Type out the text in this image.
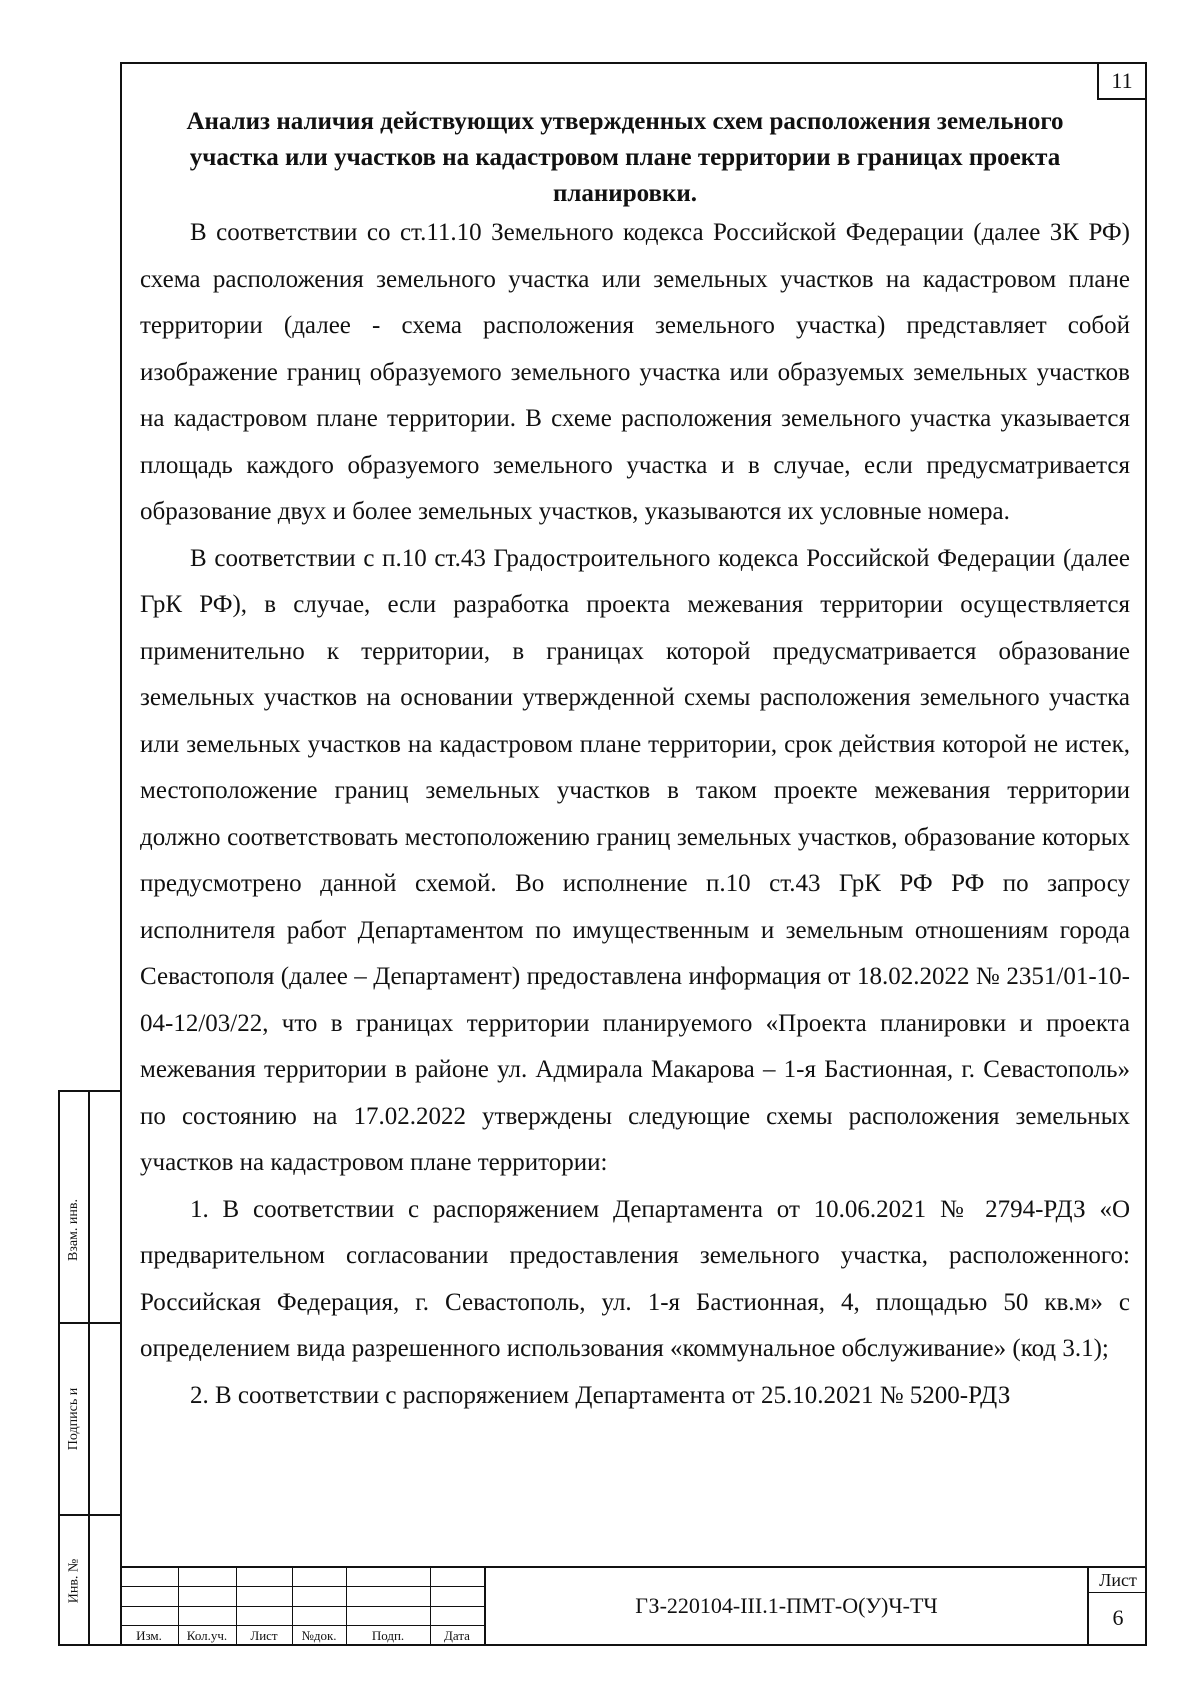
11
Анализ наличия действующих утвержденных схем расположения земельного участка или участков на кадастровом плане территории в границах проекта планировки.

В соответствии со ст.11.10 Земельного кодекса Российской Федерации (далее ЗК РФ) схема расположения земельного участка или земельных участков на кадастровом плане территории (далее - схема расположения земельного участка) представляет собой изображение границ образуемого земельного участка или образуемых земельных участков на кадастровом плане территории. В схеме расположения земельного участка указывается площадь каждого образуемого земельного участка и в случае, если предусматривается образование двух и более земельных участков, указываются их условные номера.

В соответствии с п.10 ст.43 Градостроительного кодекса Российской Федерации (далее ГрК РФ), в случае, если разработка проекта межевания территории осуществляется применительно к территории, в границах которой предусматривается образование земельных участков на основании утвержденной схемы расположения земельного участка или земельных участков на кадастровом плане территории, срок действия которой не истек, местоположение границ земельных участков в таком проекте межевания территории должно соответствовать местоположению границ земельных участков, образование которых предусмотрено данной схемой. Во исполнение п.10 ст.43 ГрК РФ РФ по запросу исполнителя работ Департаментом по имущественным и земельным отношениям города Севастополя (далее – Департамент) предоставлена информация от 18.02.2022 № 2351/01-10-04-12/03/22, что в границах территории планируемого «Проекта планировки и проекта межевания территории в районе ул. Адмирала Макарова – 1-я Бастионная, г. Севастополь» по состоянию на 17.02.2022 утверждены следующие схемы расположения земельных участков на кадастровом плане территории:

1. В соответствии с распоряжением Департамента от 10.06.2021 № 2794-РДЗ «О предварительном согласовании предоставления земельного участка, расположенного: Российская Федерация, г. Севастополь, ул. 1-я Бастионная, 4, площадью 50 кв.м» с определением вида разрешенного использования «коммунальное обслуживание» (код 3.1);

2. В соответствии с распоряжением Департамента от 25.10.2021 № 5200-РДЗ

Взам. инв.
Подпись и
Инв. №
Изм.	Кол.уч.	Лист	№док.	Подп.	Дата
ГЗ-220104-III.1-ПМТ-О(У)Ч-ТЧ
Лист
6
